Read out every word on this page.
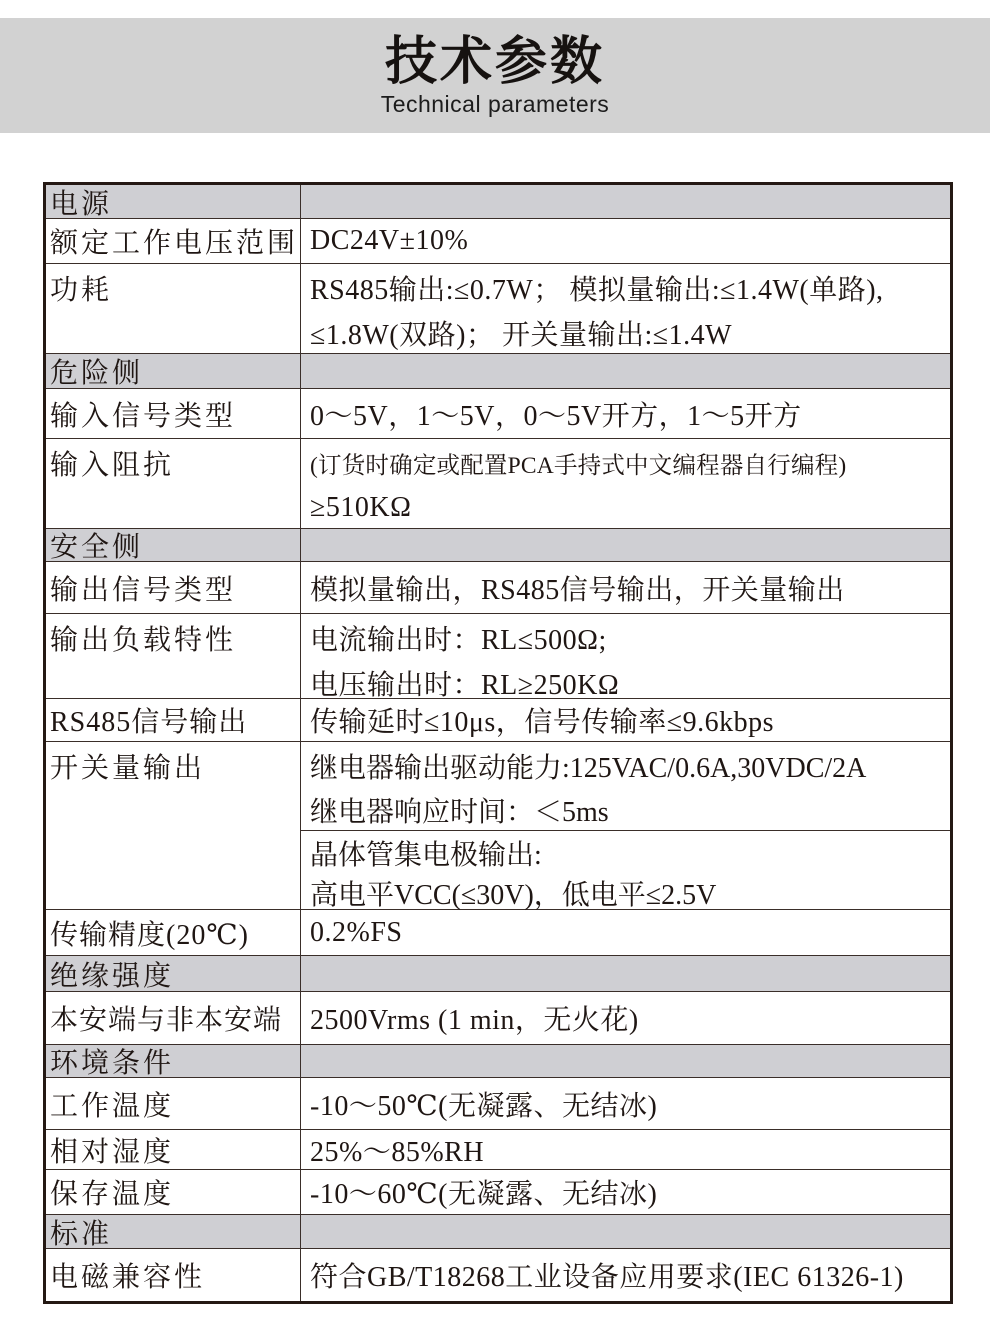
技术参数
Technical parameters
电源
额定工作电压范围 DC24V±10%
功耗	RS485输出:≤0.7W； 模拟量输出:≤1.4W(单路),
≤1.8W(双路)； 开关量输出:≤1.4W
危险侧
输入信号类型	0～5V，1～5V，0～5V开方，1～5开方
输入阻抗	(订货时确定或配置PCA手持式中文编程器自行编程)
≥510KΩ
安全侧
输出信号类型	模拟量输出，RS485信号输出，开关量输出
输出负载特性	电流输出时：RL≤500Ω;
电压输出时：RL≥250KΩ
RS485信号输出	传输延时≤10μs，信号传输率≤9.6kbps
开关量输出	继电器输出驱动能力:125VAC/0.6A,30VDC/2A
继电器响应时间：＜5ms
晶体管集电极输出:
高电平VCC(≤30V)，低电平≤2.5V
传输精度(20℃)	0.2%FS
绝缘强度
本安端与非本安端 2500Vrms (1 min，无火花)
环境条件
工作温度	-10～50℃(无凝露、无结冰)
相对湿度	25%～85%RH
保存温度	-10～60℃(无凝露、无结冰)
标准
电磁兼容性	符合GB/T18268工业设备应用要求(IEC 61326-1)
